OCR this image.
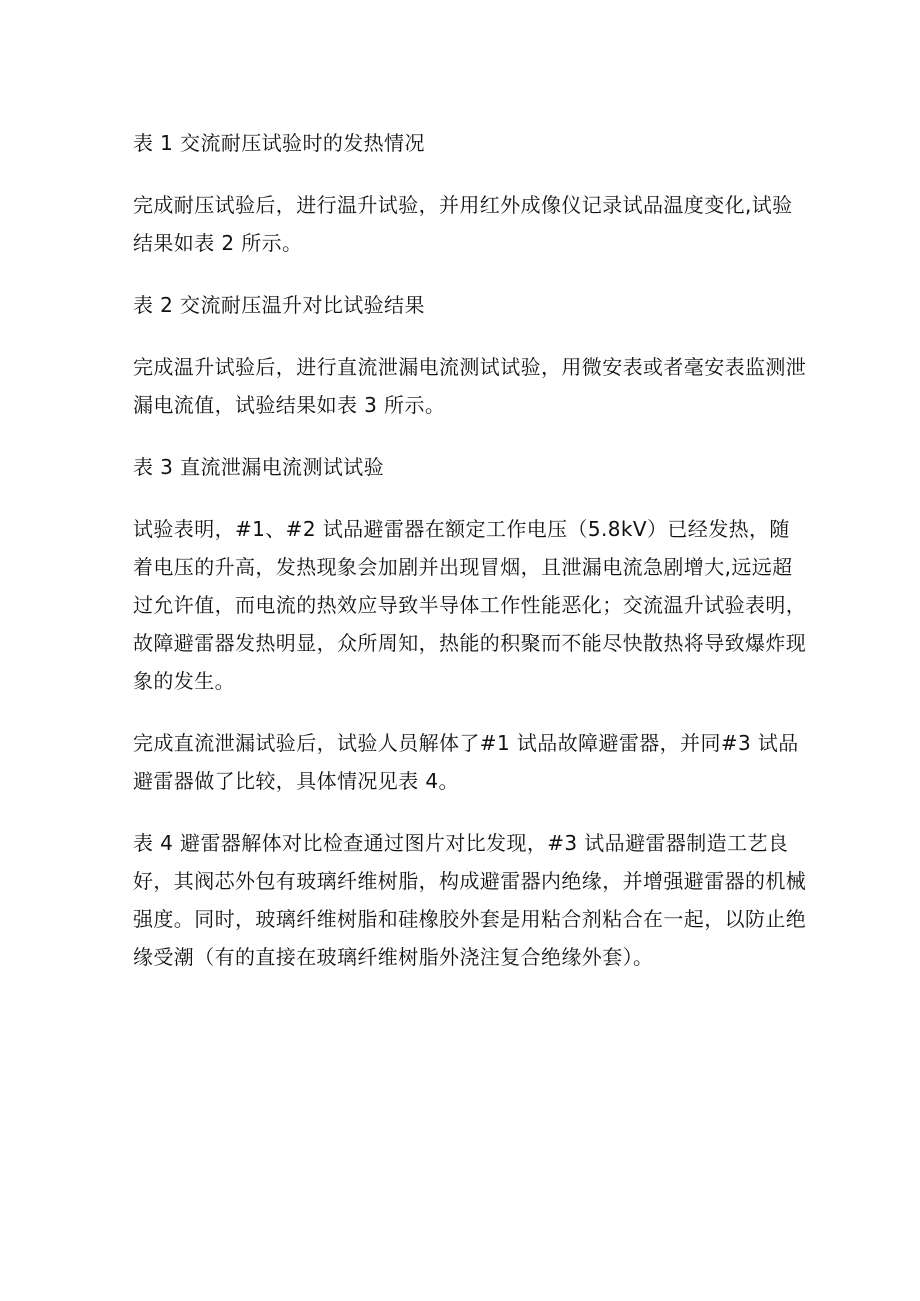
表 1 交流耐压试验时的发热情况

完成耐压试验后，进行温升试验，并用红外成像仪记录试品温度变化,试验结果如表 2 所示。

表 2 交流耐压温升对比试验结果

完成温升试验后，进行直流泄漏电流测试试验，用微安表或者毫安表监测泄漏电流值，试验结果如表 3 所示。

表 3 直流泄漏电流测试试验

试验表明，#1、#2 试品避雷器在额定工作电压（5.8kV）已经发热，随着电压的升高，发热现象会加剧并出现冒烟，且泄漏电流急剧增大,远远超过允许值，而电流的热效应导致半导体工作性能恶化；交流温升试验表明，故障避雷器发热明显，众所周知，热能的积聚而不能尽快散热将导致爆炸现象的发生。

完成直流泄漏试验后，试验人员解体了#1 试品故障避雷器，并同#3 试品避雷器做了比较，具体情况见表 4。

表 4 避雷器解体对比检查通过图片对比发现，#3 试品避雷器制造工艺良好，其阀芯外包有玻璃纤维树脂，构成避雷器内绝缘，并增强避雷器的机械强度。同时，玻璃纤维树脂和硅橡胶外套是用粘合剂粘合在一起，以防止绝缘受潮（有的直接在玻璃纤维树脂外浇注复合绝缘外套）。
